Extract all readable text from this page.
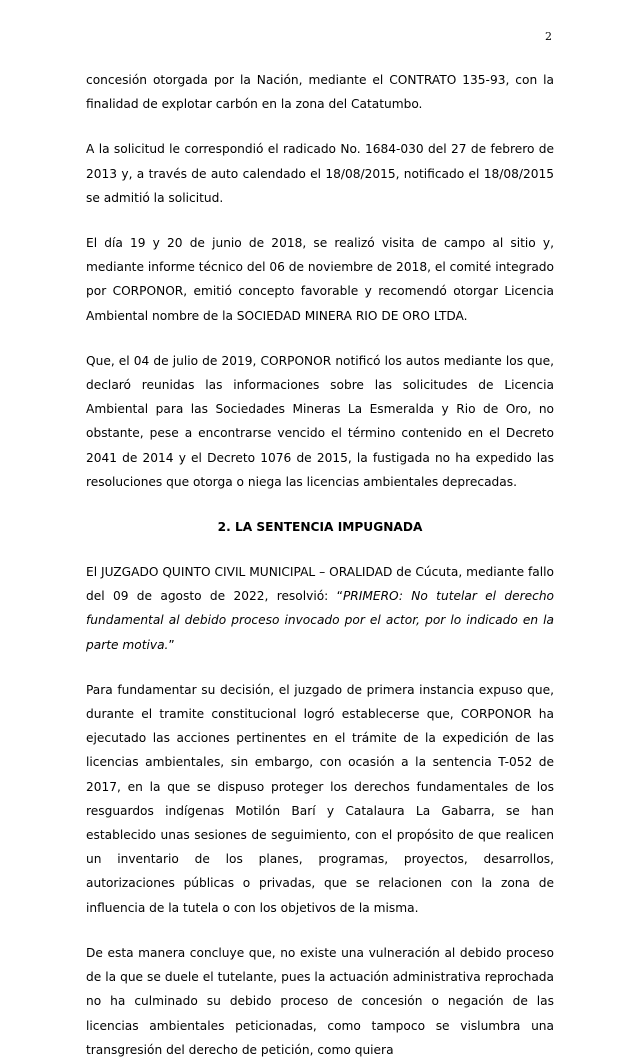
2

concesión otorgada por la Nación, mediante el CONTRATO 135-93, con la finalidad de explotar carbón en la zona del Catatumbo.

A la solicitud le correspondió el radicado No. 1684-030 del 27 de febrero de 2013 y, a través de auto calendado el 18/08/2015, notificado el 18/08/2015 se admitió la solicitud.

El día 19 y 20 de junio de 2018, se realizó visita de campo al sitio y, mediante informe técnico del 06 de noviembre de 2018, el comité integrado por CORPONOR, emitió concepto favorable y recomendó otorgar Licencia Ambiental nombre de la SOCIEDAD MINERA RIO DE ORO LTDA.

Que, el 04 de julio de 2019, CORPONOR notificó los autos mediante los que, declaró reunidas las informaciones sobre las solicitudes de Licencia Ambiental para las Sociedades Mineras La Esmeralda y Rio de Oro, no obstante, pese a encontrarse vencido el término contenido en el Decreto 2041 de 2014 y el Decreto 1076 de 2015, la fustigada no ha expedido las resoluciones que otorga o niega las licencias ambientales deprecadas.

2. LA SENTENCIA IMPUGNADA

El JUZGADO QUINTO CIVIL MUNICIPAL – ORALIDAD de Cúcuta, mediante fallo del 09 de agosto de 2022, resolvió: “PRIMERO: No tutelar el derecho fundamental al debido proceso invocado por el actor, por lo indicado en la parte motiva.”

Para fundamentar su decisión, el juzgado de primera instancia expuso que, durante el tramite constitucional logró establecerse que, CORPONOR ha ejecutado las acciones pertinentes en el trámite de la expedición de las licencias ambientales, sin embargo, con ocasión a la sentencia T-052 de 2017, en la que se dispuso proteger los derechos fundamentales de los resguardos indígenas Motilón Barí y Catalaura La Gabarra, se han establecido unas sesiones de seguimiento, con el propósito de que realicen un inventario de los planes, programas, proyectos, desarrollos, autorizaciones públicas o privadas, que se relacionen con la zona de influencia de la tutela o con los objetivos de la misma.

De esta manera concluye que, no existe una vulneración al debido proceso de la que se duele el tutelante, pues la actuación administrativa reprochada no ha culminado su debido proceso de concesión o negación de las licencias ambientales peticionadas, como tampoco se vislumbra una transgresión del derecho de petición, como quiera
